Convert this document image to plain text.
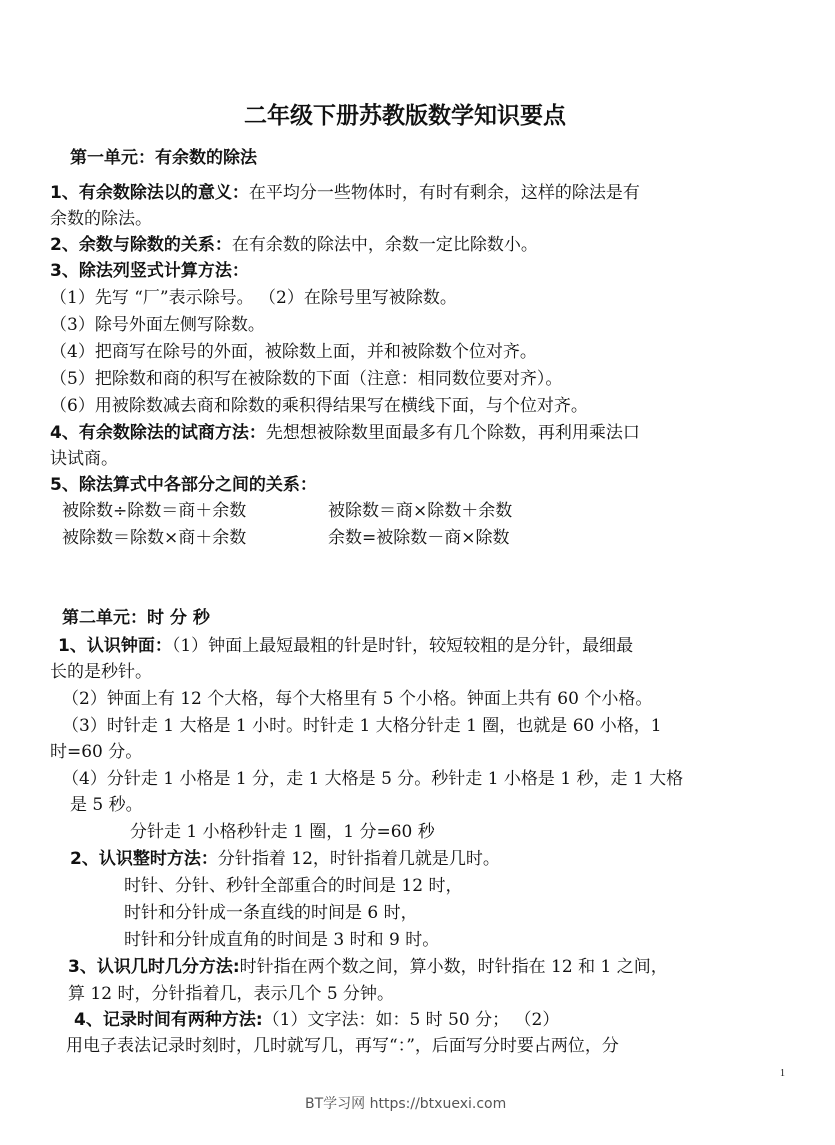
二年级下册苏教版数学知识要点
第一单元：有余数的除法
1、有余数除法以的意义：在平均分一些物体时，有时有剩余，这样的除法是有
余数的除法。
2、余数与除数的关系：在有余数的除法中，余数一定比除数小。
3、除法列竖式计算方法：
（1）先写 “厂”表示除号。 （2）在除号里写被除数。
（3）除号外面左侧写除数。
（4）把商写在除号的外面，被除数上面，并和被除数个位对齐。
（5）把除数和商的积写在被除数的下面（注意：相同数位要对齐）。
（6）用被除数减去商和除数的乘积得结果写在横线下面，与个位对齐。
4、有余数除法的试商方法：先想想被除数里面最多有几个除数，再利用乘法口
诀试商。
5、除法算式中各部分之间的关系：
被除数÷除数＝商＋余数	被除数＝商×除数＋余数
被除数＝除数×商＋余数	余数=被除数－商×除数
第二单元：时 分 秒
1、认识钟面：（1）钟面上最短最粗的针是时针，较短较粗的是分针，最细最
长的是秒针。
（2）钟面上有 12 个大格，每个大格里有 5 个小格。钟面上共有 60 个小格。
（3）时针走 1 大格是 1 小时。时针走 1 大格分针走 1 圈，也就是 60 小格，1
时=60 分。
（4）分针走 1 小格是 1 分，走 1 大格是 5 分。秒针走 1 小格是 1 秒，走 1 大格
是 5 秒。
分针走 1 小格秒针走 1 圈，1 分=60 秒
2、认识整时方法：分针指着 12，时针指着几就是几时。
时针、分针、秒针全部重合的时间是 12 时，
时针和分针成一条直线的时间是 6 时，
时针和分针成直角的时间是 3 时和 9 时。
3、认识几时几分方法:时针指在两个数之间，算小数，时针指在 12 和 1 之间，
算 12 时，分针指着几，表示几个 5 分钟。
4、记录时间有两种方法:（1）文字法：如：5 时 50 分； （2）
用电子表法记录时刻时，几时就写几，再写“：”，后面写分时要占两位，分
1
BT学习网 https://btxuexi.com
